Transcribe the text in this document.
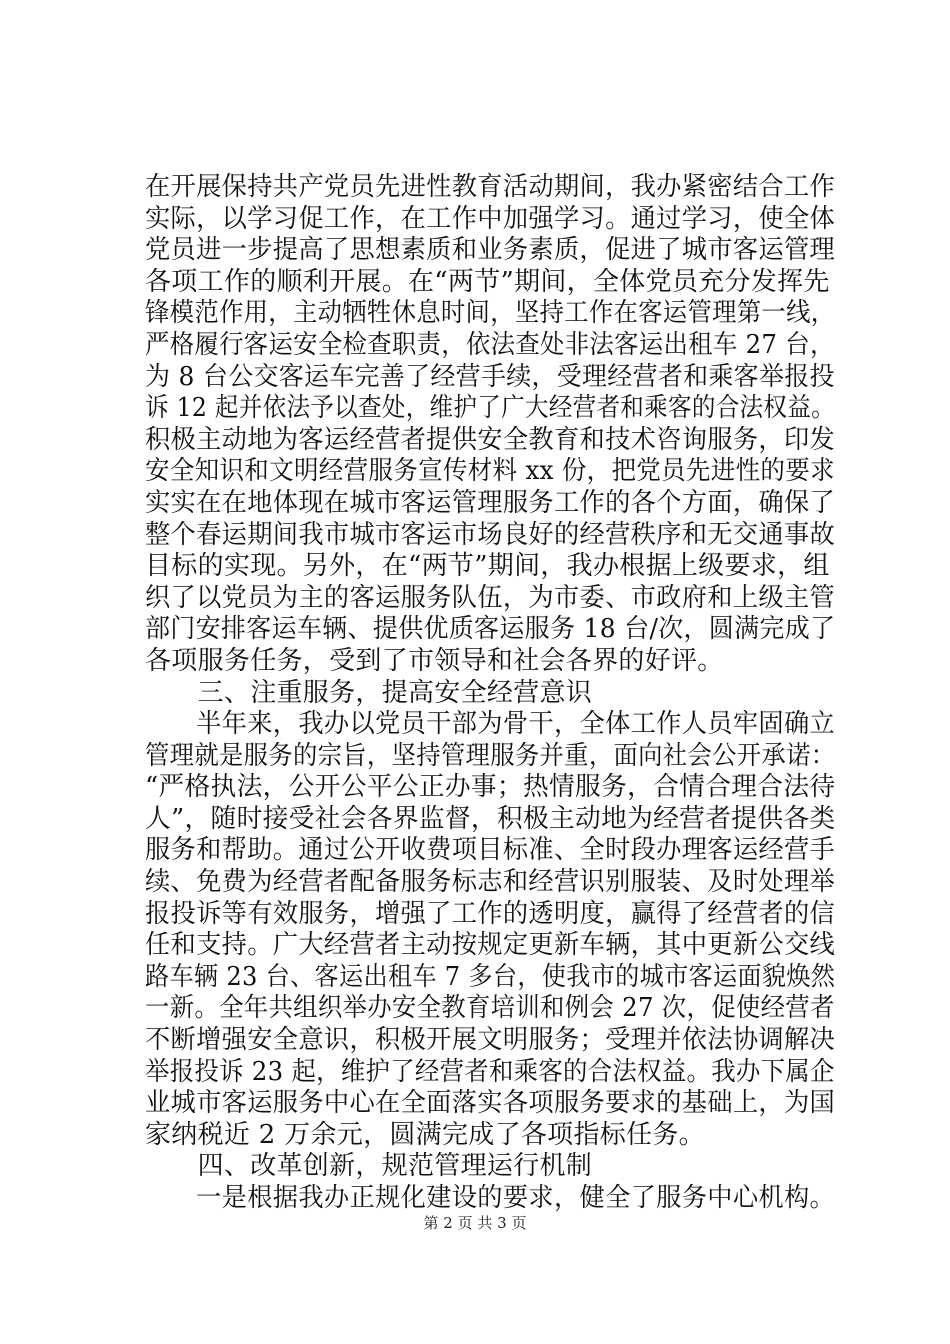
在开展保持共产党员先进性教育活动期间，我办紧密结合工作
实际，以学习促工作，在工作中加强学习。通过学习，使全体
党员进一步提高了思想素质和业务素质，促进了城市客运管理
各项工作的顺利开展。在“两节”期间，全体党员充分发挥先
锋模范作用，主动牺牲休息时间，坚持工作在客运管理第一线，
严格履行客运安全检查职责，依法查处非法客运出租车 27 台，
为 8 台公交客运车完善了经营手续，受理经营者和乘客举报投
诉 12 起并依法予以查处，维护了广大经营者和乘客的合法权益。
积极主动地为客运经营者提供安全教育和技术咨询服务，印发
安全知识和文明经营服务宣传材料 xx 份，把党员先进性的要求
实实在在地体现在城市客运管理服务工作的各个方面，确保了
整个春运期间我市城市客运市场良好的经营秩序和无交通事故
目标的实现。另外，在“两节”期间，我办根据上级要求，组
织了以党员为主的客运服务队伍，为市委、市政府和上级主管
部门安排客运车辆、提供优质客运服务 18 台/次，圆满完成了
各项服务任务，受到了市领导和社会各界的好评。
　　三、注重服务，提高安全经营意识
　　半年来，我办以党员干部为骨干，全体工作人员牢固确立
管理就是服务的宗旨，坚持管理服务并重，面向社会公开承诺：
“严格执法，公开公平公正办事；热情服务，合情合理合法待
人”，随时接受社会各界监督，积极主动地为经营者提供各类
服务和帮助。通过公开收费项目标准、全时段办理客运经营手
续、免费为经营者配备服务标志和经营识别服装、及时处理举
报投诉等有效服务，增强了工作的透明度，赢得了经营者的信
任和支持。广大经营者主动按规定更新车辆，其中更新公交线
路车辆 23 台、客运出租车 7 多台，使我市的城市客运面貌焕然
一新。全年共组织举办安全教育培训和例会 27 次，促使经营者
不断增强安全意识，积极开展文明服务；受理并依法协调解决
举报投诉 23 起，维护了经营者和乘客的合法权益。我办下属企
业城市客运服务中心在全面落实各项服务要求的基础上，为国
家纳税近 2 万余元，圆满完成了各项指标任务。
　　四、改革创新，规范管理运行机制
　　一是根据我办正规化建设的要求，健全了服务中心机构。
第 2 页 共 3 页
